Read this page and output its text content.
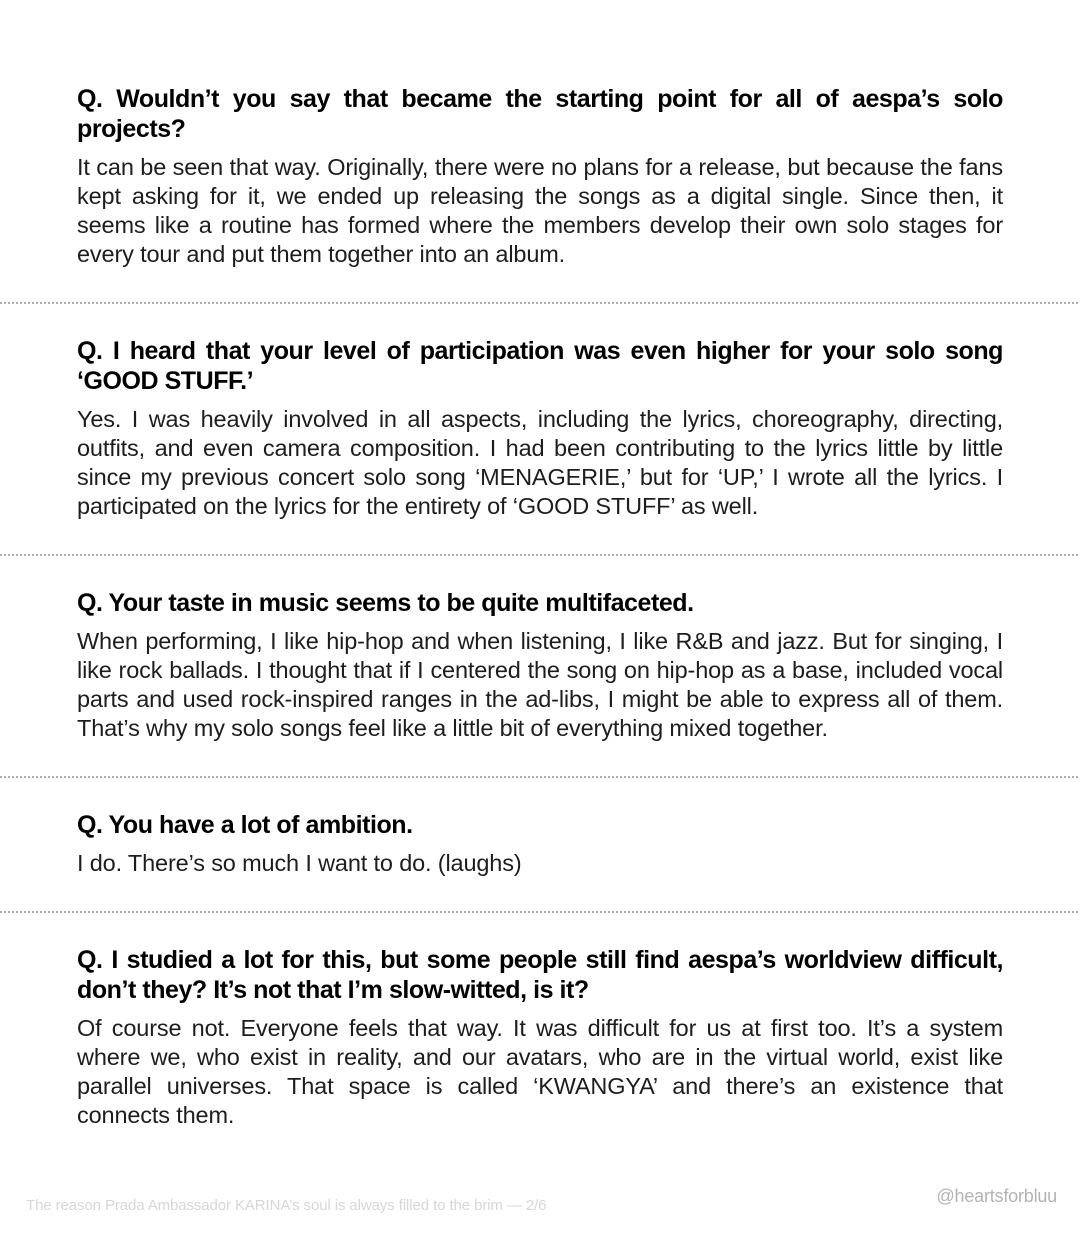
Q. Wouldn’t you say that became the starting point for all of aespa’s solo projects?

It can be seen that way. Originally, there were no plans for a release, but because the fans kept asking for it, we ended up releasing the songs as a digital single. Since then, it seems like a routine has formed where the members develop their own solo stages for every tour and put them together into an album.

Q. I heard that your level of participation was even higher for your solo song ‘GOOD STUFF.’

Yes. I was heavily involved in all aspects, including the lyrics, choreography, directing, outfits, and even camera composition. I had been contributing to the lyrics little by little since my previous concert solo song ‘MENAGERIE,’ but for ‘UP,’ I wrote all the lyrics. I participated on the lyrics for the entirety of ‘GOOD STUFF’ as well.

Q. Your taste in music seems to be quite multifaceted.

When performing, I like hip-hop and when listening, I like R&B and jazz. But for singing, I like rock ballads. I thought that if I centered the song on hip-hop as a base, included vocal parts and used rock-inspired ranges in the ad-libs, I might be able to express all of them. That’s why my solo songs feel like a little bit of everything mixed together.

Q. You have a lot of ambition.

I do. There’s so much I want to do. (laughs)

Q. I studied a lot for this, but some people still find aespa’s worldview difficult, don’t they? It’s not that I’m slow-witted, is it?

Of course not. Everyone feels that way. It was difficult for us at first too. It’s a system where we, who exist in reality, and our avatars, who are in the virtual world, exist like parallel universes. That space is called ‘KWANGYA’ and there’s an existence that connects them.

The reason Prada Ambassador KARINA’s soul is always filled to the brim — 2/6	@heartsforbluu
